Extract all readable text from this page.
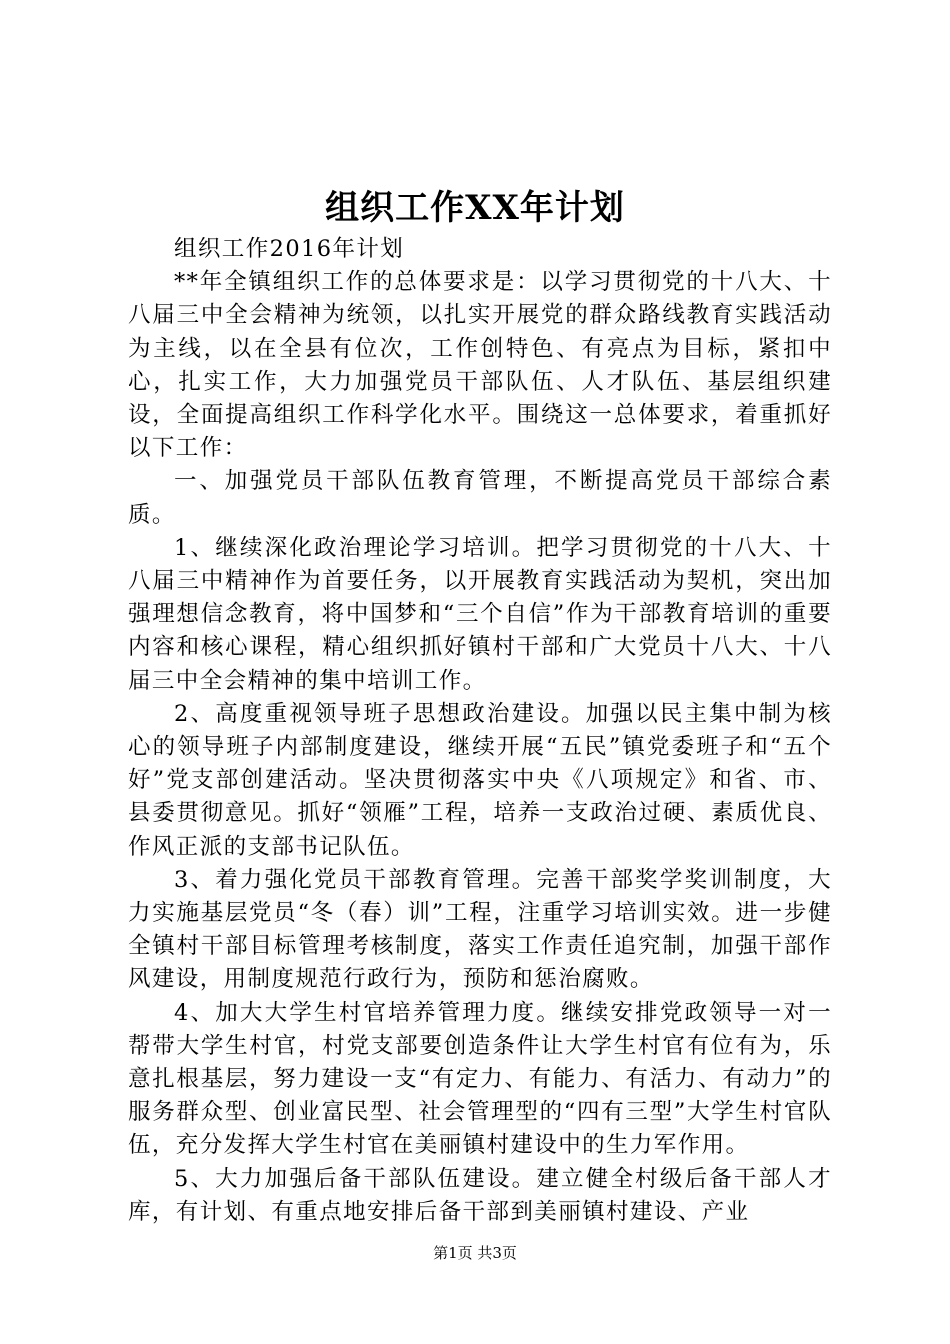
组织工作XX年计划

组织工作2016年计划

**年全镇组织工作的总体要求是：以学习贯彻党的十八大、十八届三中全会精神为统领，以扎实开展党的群众路线教育实践活动为主线，以在全县有位次，工作创特色、有亮点为目标，紧扣中心，扎实工作，大力加强党员干部队伍、人才队伍、基层组织建设，全面提高组织工作科学化水平。围绕这一总体要求，着重抓好以下工作：

一、加强党员干部队伍教育管理，不断提高党员干部综合素质。

1、继续深化政治理论学习培训。把学习贯彻党的十八大、十八届三中精神作为首要任务，以开展教育实践活动为契机，突出加强理想信念教育，将中国梦和“三个自信”作为干部教育培训的重要内容和核心课程，精心组织抓好镇村干部和广大党员十八大、十八届三中全会精神的集中培训工作。

2、高度重视领导班子思想政治建设。加强以民主集中制为核心的领导班子内部制度建设，继续开展“五民”镇党委班子和“五个好”党支部创建活动。坚决贯彻落实中央《八项规定》和省、市、县委贯彻意见。抓好“领雁”工程，培养一支政治过硬、素质优良、作风正派的支部书记队伍。

3、着力强化党员干部教育管理。完善干部奖学奖训制度，大力实施基层党员“冬（春）训”工程，注重学习培训实效。进一步健全镇村干部目标管理考核制度，落实工作责任追究制，加强干部作风建设，用制度规范行政行为，预防和惩治腐败。

4、加大大学生村官培养管理力度。继续安排党政领导一对一帮带大学生村官，村党支部要创造条件让大学生村官有位有为，乐意扎根基层，努力建设一支“有定力、有能力、有活力、有动力”的服务群众型、创业富民型、社会管理型的“四有三型”大学生村官队伍，充分发挥大学生村官在美丽镇村建设中的生力军作用。

5、大力加强后备干部队伍建设。建立健全村级后备干部人才库，有计划、有重点地安排后备干部到美丽镇村建设、产业

第1页 共3页
